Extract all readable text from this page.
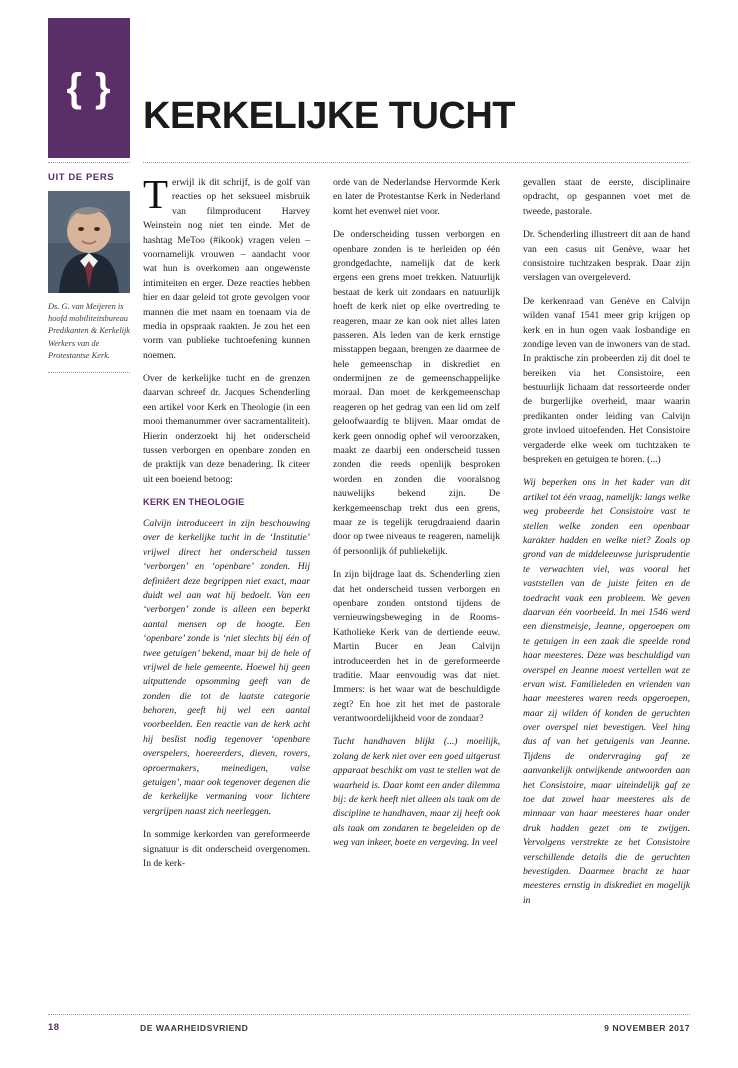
{ }
KERKELIJKE TUCHT
UIT DE PERS
Ds. G. van Meijeren is hoofd mobiliteitsbureau Predikanten & Kerkelijk Werkers van de Protestantse Kerk.

Terwijl ik dit schrijf, is de golf van reacties op het seksueel misbruik van filmproducent Harvey Weinstein nog niet ten einde. Met de hashtag MeToo (#ikook) vragen velen – voornamelijk vrouwen – aandacht voor wat hun is overkomen aan ongewenste intimiteiten en erger. Deze reacties hebben hier en daar geleid tot grote gevolgen voor mannen die met naam en toenaam via de media in opspraak raakten. Je zou het een vorm van publieke tuchtoefening kunnen noemen.

Over de kerkelijke tucht en de grenzen daarvan schreef dr. Jacques Schenderling een artikel voor Kerk en Theologie (in een mooi themanummer over sacramentaliteit). Hierin onderzoekt hij het onderscheid tussen verborgen en openbare zonden en de praktijk van deze benadering. Ik citeer uit een boeiend betoog:

KERK EN THEOLOGIE

Calvijn introduceert in zijn beschouwing over de kerkelijke tucht in de ‘Institutie’ vrijwel direct het onderscheid tussen ‘verborgen’ en ‘openbare’ zonden. Hij definiêert deze begrippen niet exact, maar duidt wel aan wat hij bedoelt. Van een ‘verborgen’ zonde is alleen een beperkt aantal mensen op de hoogte. Een ‘openbare’ zonde is ‘niet slechts bij één of twee getuigen’ bekend, maar bij de hele of vrijwel de hele gemeente. Hoewel hij geen uitputtende opsomming geeft van de zonden die tot de laatste categorie behoren, geeft hij wel een aantal voorbeelden. Een reactie van de kerk acht hij beslist nodig tegenover ‘openbare overspelers, hoereerders, dieven, rovers, oproermakers, meinedigen, valse getuigen’, maar ook tegenover degenen die de kerkelijke vermaning voor lichtere vergrijpen naast zich neerleggen.

In sommige kerkorden van gereformeerde signatuur is dit onderscheid overgenomen. In de kerk-

orde van de Nederlandse Hervormde Kerk en later de Protestantse Kerk in Nederland komt het evenwel niet voor.

De onderscheiding tussen verborgen en openbare zonden is te herleiden op één grondgedachte, namelijk dat de kerk ergens een grens moet trekken. Natuurlijk bestaat de kerk uit zondaars en natuurlijk hoeft de kerk niet op elke overtreding te reageren, maar ze kan ook niet alles laten passeren. Als leden van de kerk ernstige misstappen begaan, brengen ze daarmee de hele gemeenschap in diskrediet en ondermijnen ze de gemeenschappelijke moraal. Dan moet de kerkgemeenschap reageren op het gedrag van een lid om zelf geloofwaardig te blijven. Maar omdat de kerk geen onnodig ophef wil veroorzaken, maakt ze daarbij een onderscheid tussen zonden die reeds openlijk besproken worden en zonden die vooralsnog nauwelijks bekend zijn. De kerkgemeenschap trekt dus een grens, maar ze is tegelijk terugdraaiend daarin door op twee niveaus te reageren, namelijk óf persoonlijk óf publiekelijk.

In zijn bijdrage laat ds. Schenderling zien dat het onderscheid tussen verborgen en openbare zonden ontstond tijdens de vernieuwingsbeweging in de Rooms-Katholieke Kerk van de dertiende eeuw. Martin Bucer en Jean Calvijn introduceerden het in de gereformeerde traditie. Maar eenvoudig was dat niet. Immers: is het waar wat de beschuldigde zegt? En hoe zit het met de pastorale verantwoordelijkheid voor de zondaar?

Tucht handhaven blijkt (...) moeilijk, zolang de kerk niet over een goed uitgerust apparaat beschikt om vast te stellen wat de waarheid is. Daar komt een ander dilemma bij: de kerk heeft niet alleen als taak om de discipline te handhaven, maar zij heeft ook als taak om zondaren te begeleiden op de weg van inkeer, boete en vergeving. In veel

gevallen staat de eerste, disciplinaire opdracht, op gespannen voet met de tweede, pastorale.

Dr. Schenderling illustreert dit aan de hand van een casus uit Genève, waar het consistoire tuchtzaken besprak. Daar zijn verslagen van overgeleverd.

De kerkenraad van Genève en Calvijn wilden vanaf 1541 meer grip krijgen op kerk en in hun ogen vaak losbandige en zondige leven van de inwoners van de stad. In praktische zin probeerden zij dit doel te bereiken via het Consistoire, een bestuurlijk lichaam dat ressorteerde onder de burgerlijke overheid, maar waarin predikanten onder leiding van Calvijn grote invloed uitoefenden. Het Consistoire vergaderde elke week om tuchtzaken te bespreken en getuigen te horen. (...)

Wij beperken ons in het kader van dit artikel tot één vraag, namelijk: langs welke weg probeerde het Consistoire vast te stellen welke zonden een openbaar karakter hadden en welke niet? Zoals op grond van de middeleeuwse jurisprudentie te verwachten viel, was vooral het vaststellen van de juiste feiten en de toedracht vaak een probleem. We geven daarvan één voorbeeld. In mei 1546 werd een dienstmeisje, Jeanne, opgeroepen om te getuigen in een zaak die speelde rond haar meesteres. Deze was beschuldigd van overspel en Jeanne moest vertellen wat ze ervan wist. Familieleden en vrienden van haar meesteres waren reeds opgeroepen, maar zij wilden óf konden de geruchten over overspel niet bevestigen. Veel hing dus af van het getuigenis van Jeanne. Tijdens de ondervraging gaf ze aanvankelijk ontwijkende antwoorden aan het Consistoire, maar uiteindelijk gaf ze toe dat zowel haar meesteres als de minnaar van haar meesteres haar onder druk hadden gezet om te zwijgen. Vervolgens verstrekte ze het Consistoire verschillende details die de geruchten bevestigden. Daarmee bracht ze haar meesteres ernstig in diskrediet en mogelijk in

18	DE WAARHEIDSVRIEND	9 NOVEMBER 2017
